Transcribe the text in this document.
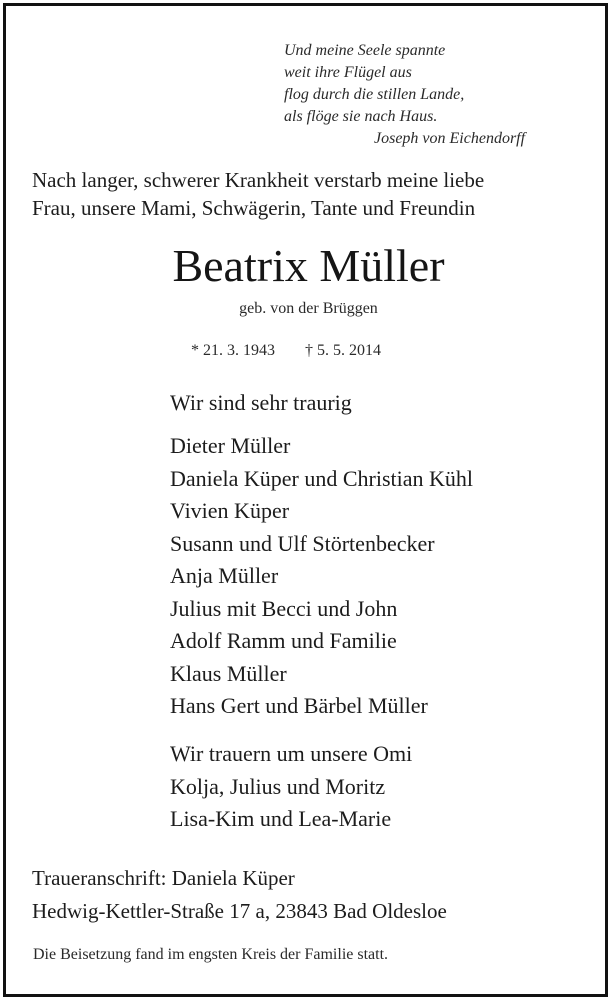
Und meine Seele spannte
weit ihre Flügel aus
flog durch die stillen Lande,
als flöge sie nach Haus.
Joseph von Eichendorff
Nach langer, schwerer Krankheit verstarb meine liebe
Frau, unsere Mami, Schwägerin, Tante und Freundin
Beatrix Müller
geb. von der Brüggen
* 21. 3. 1943 † 5. 5. 2014
Wir sind sehr traurig
Dieter Müller
Daniela Küper und Christian Kühl
Vivien Küper
Susann und Ulf Störtenbecker
Anja Müller
Julius mit Becci und John
Adolf Ramm und Familie
Klaus Müller
Hans Gert und Bärbel Müller
Wir trauern um unsere Omi
Kolja, Julius und Moritz
Lisa-Kim und Lea-Marie
Traueranschrift: Daniela Küper
Hedwig-Kettler-Straße 17 a, 23843 Bad Oldesloe
Die Beisetzung fand im engsten Kreis der Familie statt.
